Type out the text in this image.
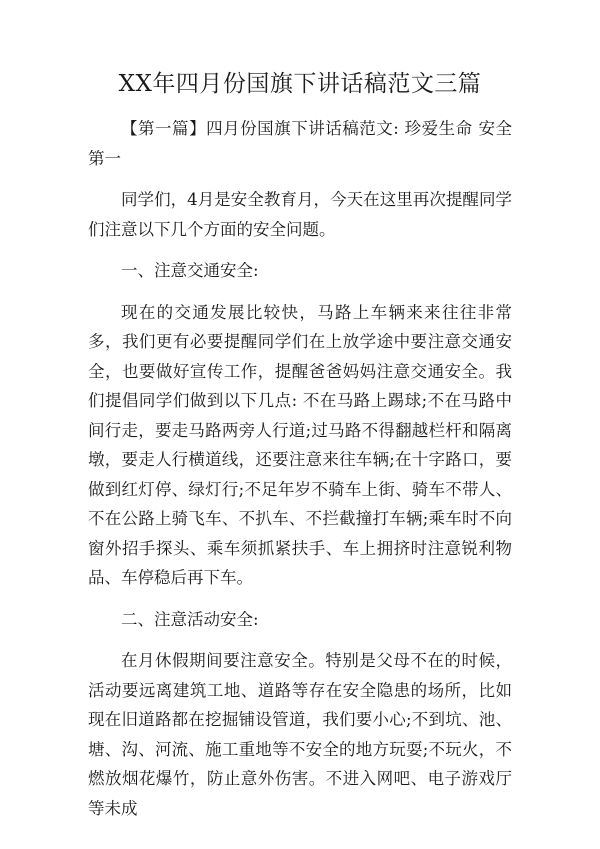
XX年四月份国旗下讲话稿范文三篇

【第一篇】四月份国旗下讲话稿范文: 珍爱生命 安全第一

同学们，4月是安全教育月，今天在这里再次提醒同学们注意以下几个方面的安全问题。

一、注意交通安全:

现在的交通发展比较快，马路上车辆来来往往非常多，我们更有必要提醒同学们在上放学途中要注意交通安全，也要做好宣传工作，提醒爸爸妈妈注意交通安全。我们提倡同学们做到以下几点: 不在马路上踢球;不在马路中间行走，要走马路两旁人行道;过马路不得翻越栏杆和隔离墩，要走人行横道线，还要注意来往车辆;在十字路口，要做到红灯停、绿灯行;不足年岁不骑车上街、骑车不带人、不在公路上骑飞车、不扒车、不拦截撞打车辆;乘车时不向窗外招手探头、乘车须抓紧扶手、车上拥挤时注意锐利物品、车停稳后再下车。

二、注意活动安全:

在月休假期间要注意安全。特别是父母不在的时候，活动要远离建筑工地、道路等存在安全隐患的场所，比如现在旧道路都在挖掘铺设管道，我们要小心;不到坑、池、塘、沟、河流、施工重地等不安全的地方玩耍;不玩火，不燃放烟花爆竹，防止意外伤害。不进入网吧、电子游戏厅等未成
